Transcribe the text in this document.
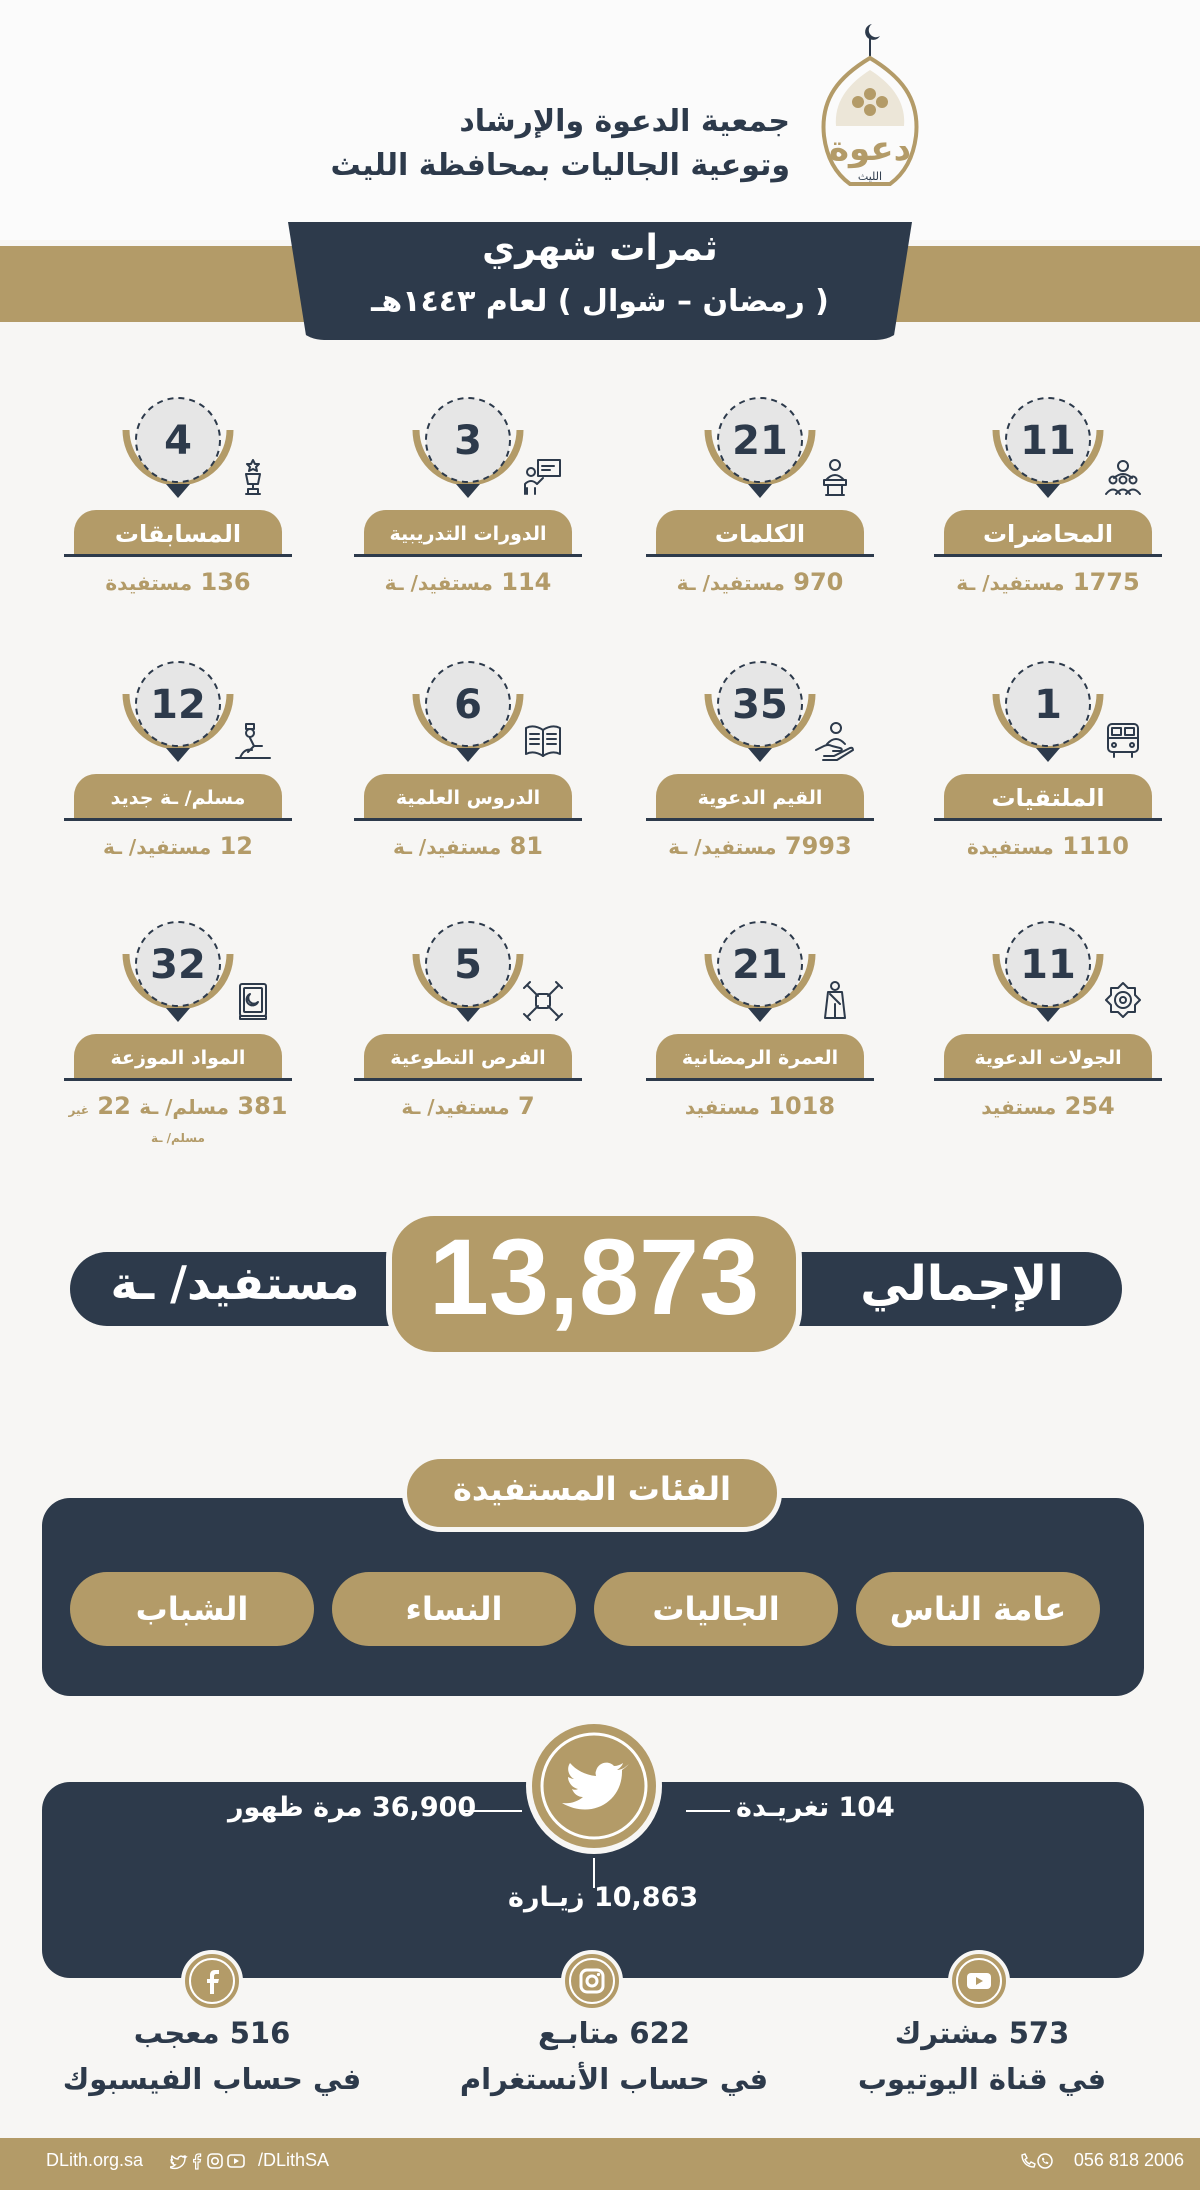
دعوة
الليث
جمعية الدعوة والإرشاد
وتوعية الجاليات بمحافظة الليث
ثمرات شهري
( رمضان – شوال ) لعام ١٤٤٣هـ
11
المحاضرات
1775 مستفيد/ ـة
21
الكلمات
970 مستفيد/ ـة
3
الدورات التدريبية
114 مستفيد/ ـة
4
المسابقات
136 مستفيدة
1
الملتقيات
1110 مستفيدة
35
القيم الدعوية
7993 مستفيد/ ـة
6
الدروس العلمية
81 مستفيد/ ـة
12
مسلم/ ـة جديد
12 مستفيد/ ـة
11
الجولات الدعوية
254 مستفيد
21
العمرة الرمضانية
1018 مستفيد
5
الفرص التطوعية
7 مستفيد/ ـة
32
المواد الموزعة
381 مسلم/ ـة 22 غير مسلم/ ـة
الإجمالي
مستفيد/ ـة 13,873
الفئات المستفيدة
عامة الناس
الجاليات
النساء
الشباب
104 تغريـدة
36,900 مرة ظهور
10,863 زيـارة
573 مشترك
في قناة اليوتيوب
622 متابـع
في حساب الأنستغرام
516 معجب
في حساب الفيسبوك
DLith.org.sa	/DLithSA	056 818 2006
